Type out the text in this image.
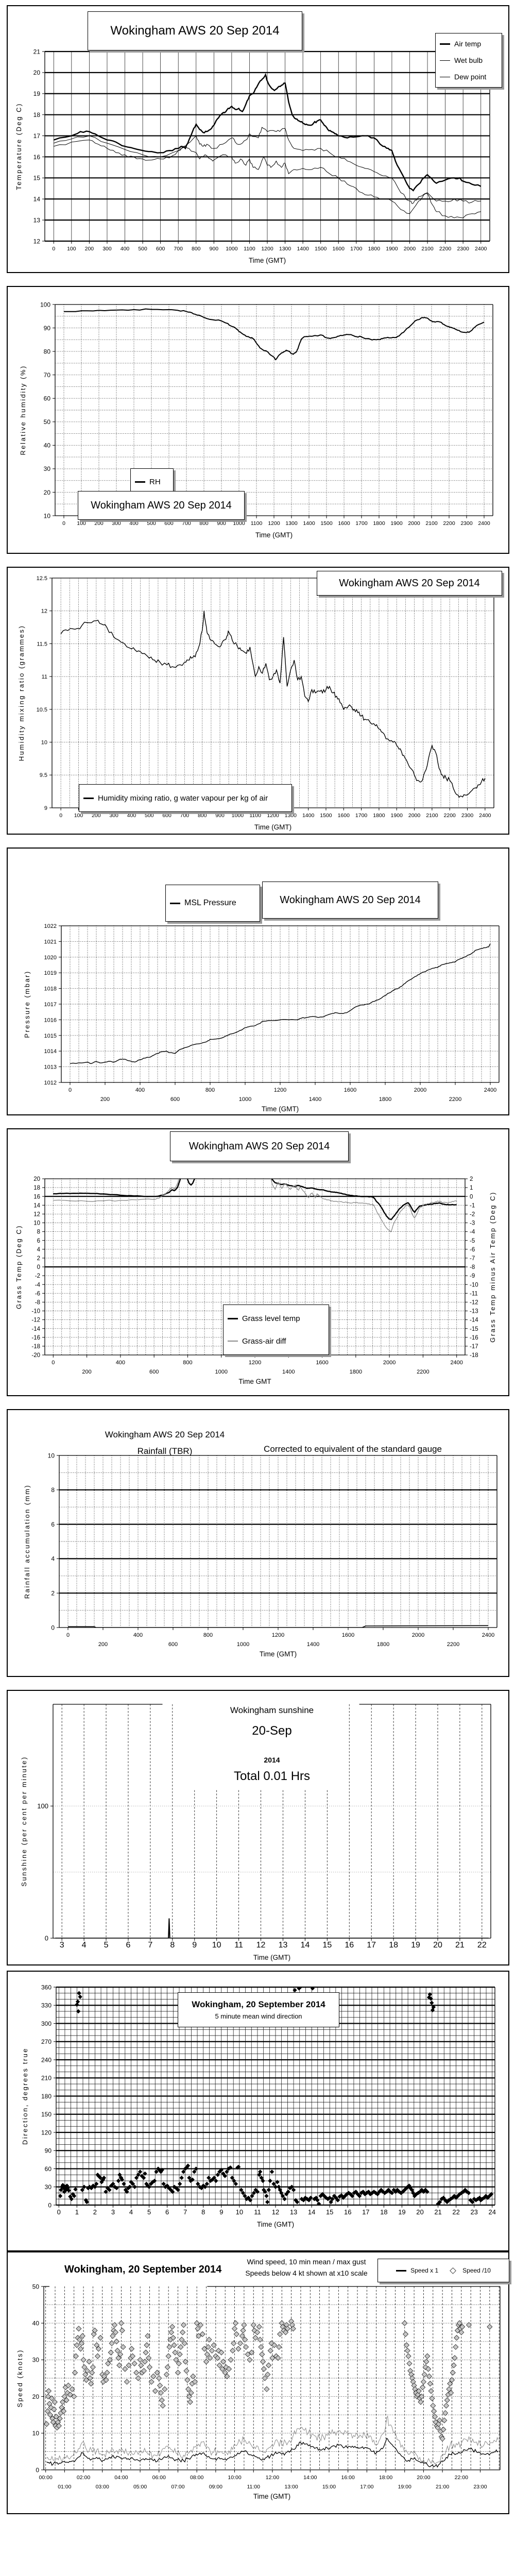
12
13
14
15
16
17
18
19
20
21
0 100 200 300 400 500 600 700 800 900 1000 1100 1200 1300 1400 1500 1600 1700 1800 1900 2000 2100 2200 2300 2400
Time (GMT)
Temperature (Deg C)
Wokingham AWS 20 Sep 2014
Air temp
Wet bulb
Dew point
10
20
30
40
50
60
70
80
90
100
0 100 200 300 400 500 600 700 800 900 1000 1100 1200 1300 1400 1500 1600 1700 1800 1900 2000 2100 2200 2300 2400
Time (GMT)
Relative humidity (%)
RH
Wokingham AWS 20 Sep 2014
9
9.5
10
10.5
11
11.5
12
12.5
0 100 200 300 400 500 600 700 800 900 1000 1100 1200 1300 1400 1500 1600 1700 1800 1900 2000 2100 2200 2300 2400
Time (GMT)
Humidity mixing ratio (grammes)
Wokingham AWS 20 Sep 2014
Humidity mixing ratio, g water vapour per kg of air
1012
1013
1014
1015
1016
1017
1018
1019
1020
1021
1022
0
200
400
600
800
1000
1200
1400
1600
1800
2000
2200
2400
Time (GMT)
Pressure (mbar)
MSL Pressure	Wokingham AWS 20 Sep 2014
-20
-18
-16
-14
-12
-10
-8
-6
-4
-2
0
2
4
6
8
10
12
14
16
18
20
-18
-17
-16
-15
-14
-13
-12
-11
-10
-9
-8
-7
-6
-5
-4
-3
-2
-1
0
1
2
0
200
400
600
800
1000
1200
1400
1600
1800
2000
2200
2400
Time GMT
Grass Temp (Deg C)	Grass Temp minus Air Temp (Deg C)
Wokingham AWS 20 Sep 2014
Grass level temp
Grass-air diff
0
2
4
6
8
10
0
200
400
600
800
1000
1200
1400
1600
1800
2000
2200
2400
Time (GMT)
Rainfall accumulation (mm)
Wokingham AWS 20 Sep 2014
Rainfall (TBR)	Corrected to equivalent of the standard gauge
0
100
3 4 5 6 7 8 9 10 11 12 13 14 15 16 17 18 19 20 21 22
Time (GMT)
Sunshine (per cent per minute)
Wokingham sunshine
20-Sep
2014
Total 0.01 Hrs
0
30
60
90
120
150
180
210
240
270
300
330
360
0 1 2 3 4 5 6 7 8 9 10 11 12 13 14 15 16 17 18 19 20 21 22 23 24
Time (GMT)
Direction, degrees true
Wokingham, 20 September 2014
5 minute mean wind direction
0
10
20
30
40
50
00:00
01:00
02:00
03:00
04:00
05:00
06:00
07:00
08:00
09:00
10:00
11:00
12:00
13:00
14:00
15:00
16:00
17:00
18:00
19:00
20:00
21:00
22:00
23:00
Time (GMT)
Speed (knots)
Wokingham, 20 September 2014
Wind speed, 10 min mean / max gust
Speeds below 4 kt shown at x10 scale	Speed x 1	Speed /10
